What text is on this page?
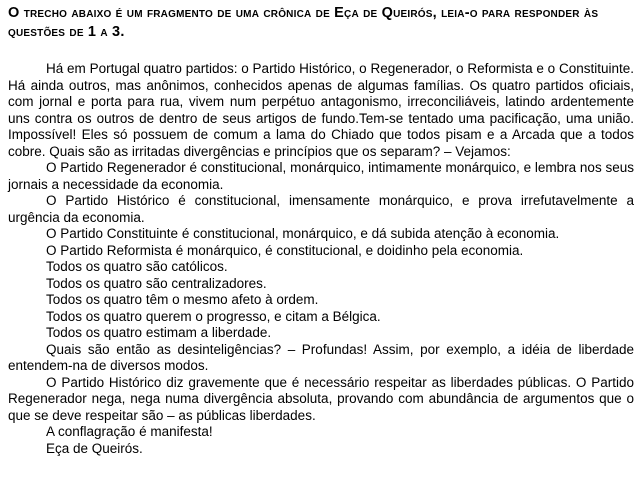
O trecho abaixo é um fragmento de uma crônica de Eça de Queirós, leia-o para responder às questões de 1 a 3.

Há em Portugal quatro partidos: o Partido Histórico, o Regenerador, o Reformista e o Constituinte. Há ainda outros, mas anônimos, conhecidos apenas de algumas famílias. Os quatro partidos oficiais, com jornal e porta para rua, vivem num perpétuo antagonismo, irreconciliáveis, latindo ardentemente uns contra os outros de dentro de seus artigos de fundo.Tem-se tentado uma pacificação, uma união. Impossível! Eles só possuem de comum a lama do Chiado que todos pisam e a Arcada que a todos cobre. Quais são as irritadas divergências e princípios que os separam? – Vejamos:

O Partido Regenerador é constitucional, monárquico, intimamente monárquico, e lembra nos seus jornais a necessidade da economia.

O Partido Histórico é constitucional, imensamente monárquico, e prova irrefutavelmente a urgência da economia.

O Partido Constituinte é constitucional, monárquico, e dá subida atenção à economia.

O Partido Reformista é monárquico, é constitucional, e doidinho pela economia.

Todos os quatro são católicos.

Todos os quatro são centralizadores.

Todos os quatro têm o mesmo afeto à ordem.

Todos os quatro querem o progresso, e citam a Bélgica.

Todos os quatro estimam a liberdade.

Quais são então as desinteligências? – Profundas! Assim, por exemplo, a idéia de liberdade entendem-na de diversos modos.

O Partido Histórico diz gravemente que é necessário respeitar as liberdades públicas. O Partido Regenerador nega, nega numa divergência absoluta, provando com abundância de argumentos que o que se deve respeitar são – as públicas liberdades.

A conflagração é manifesta!

Eça de Queirós.
